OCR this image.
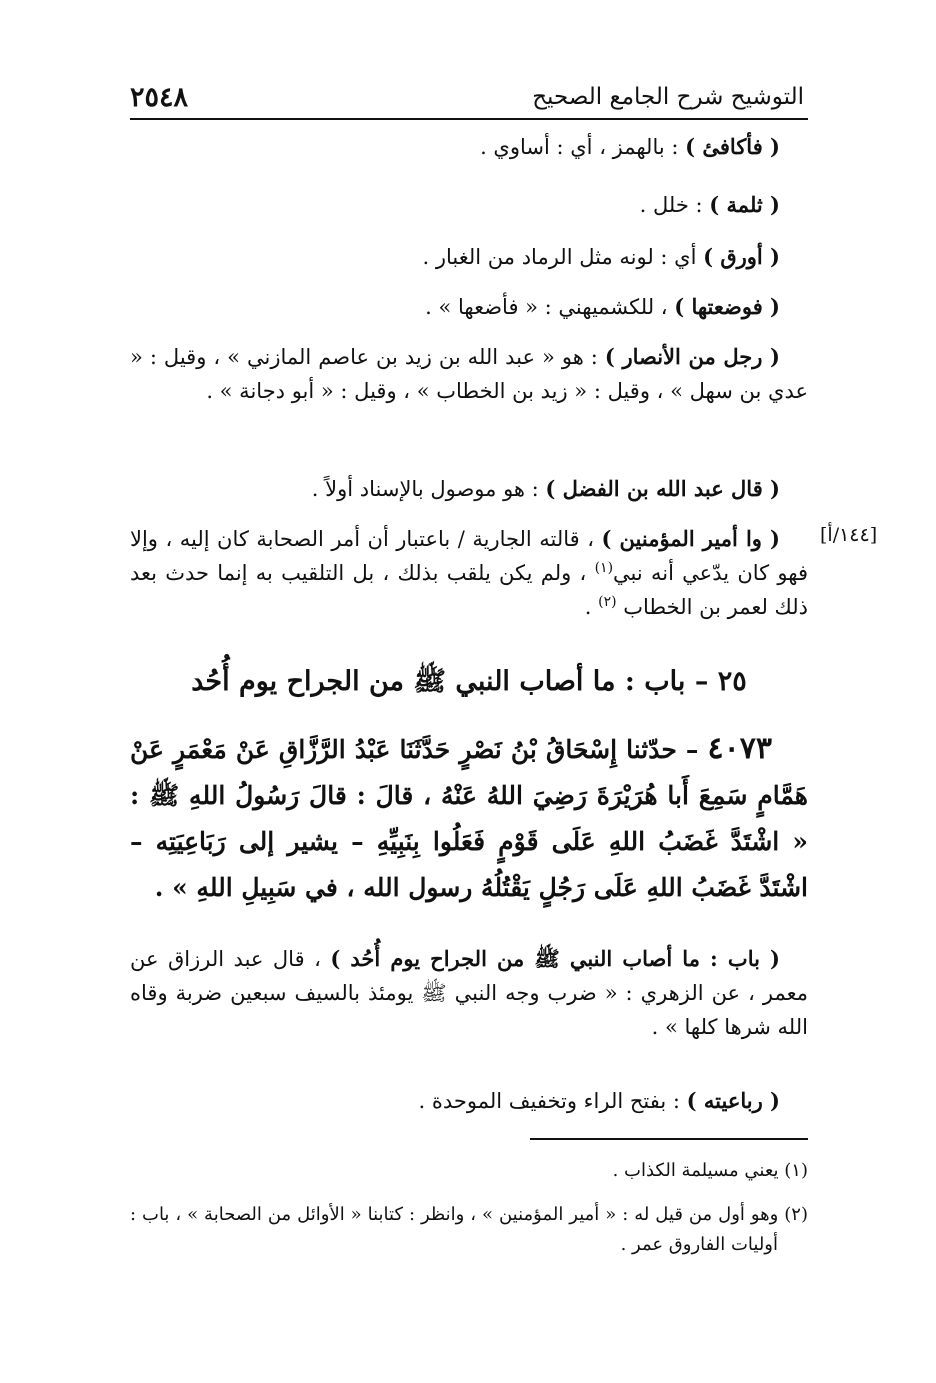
٢٥٤٨	التوشيح شرح الجامع الصحيح
( فأكافئ ) : بالهمز ، أي : أساوي .
( ثلمة ) : خلل .
( أورق ) أي : لونه مثل الرماد من الغبار .
( فوضعتها ) ، للكشميهني : « فأضعها » .
( رجل من الأنصار ) : هو « عبد الله بن زيد بن عاصم المازني » ، وقيل : « عدي بن سهل » ، وقيل : « زيد بن الخطاب » ، وقيل : « أبو دجانة » .
( قال عبد الله بن الفضل ) : هو موصول بالإسناد أولاً .
[١٤٤/أ]
( وا أمير المؤمنين ) ، قالته الجارية / باعتبار أن أمر الصحابة كان إليه ، وإلا فهو كان يدّعي أنه نبي$^{(١)}$ ، ولم يكن يلقب بذلك ، بل التلقيب به إنما حدث بعد ذلك لعمر بن الخطاب $^{(٢)}$ .
٢٥ – باب : ما أصاب النبي ﷺ من الجراح يوم أُحُد
٤٠٧٣ – حدّثنا إِسْحَاقُ بْنُ نَصْرٍ حَدَّثَنَا عَبْدُ الرَّزَّاقِ عَنْ مَعْمَرٍ عَنْ هَمَّامٍ سَمِعَ أَبا هُرَيْرَةَ رَضِيَ اللهُ عَنْهُ ، قالَ : قالَ رَسُولُ اللهِ ﷺ : « اشْتَدَّ غَضَبُ اللهِ عَلَى قَوْمٍ فَعَلُوا بِنَبِيِّهِ – يشير إلى رَبَاعِيَتِه – اشْتَدَّ غَضَبُ اللهِ عَلَى رَجُلٍ يَقْتُلُهُ رسول الله ، في سَبِيلِ اللهِ » .
( باب : ما أصاب النبي ﷺ من الجراح يوم أُحُد ) ، قال عبد الرزاق عن معمر ، عن الزهري : « ضرب وجه النبي ﷺ يومئذ بالسيف سبعين ضربة وقاه الله شرها كلها » .
( رباعيته ) : بفتح الراء وتخفيف الموحدة .
(١) يعني مسيلمة الكذاب .
(٢) وهو أول من قيل له : « أمير المؤمنين » ، وانظر : كتابنا « الأوائل من الصحابة » ، باب : أوليات الفاروق عمر .
